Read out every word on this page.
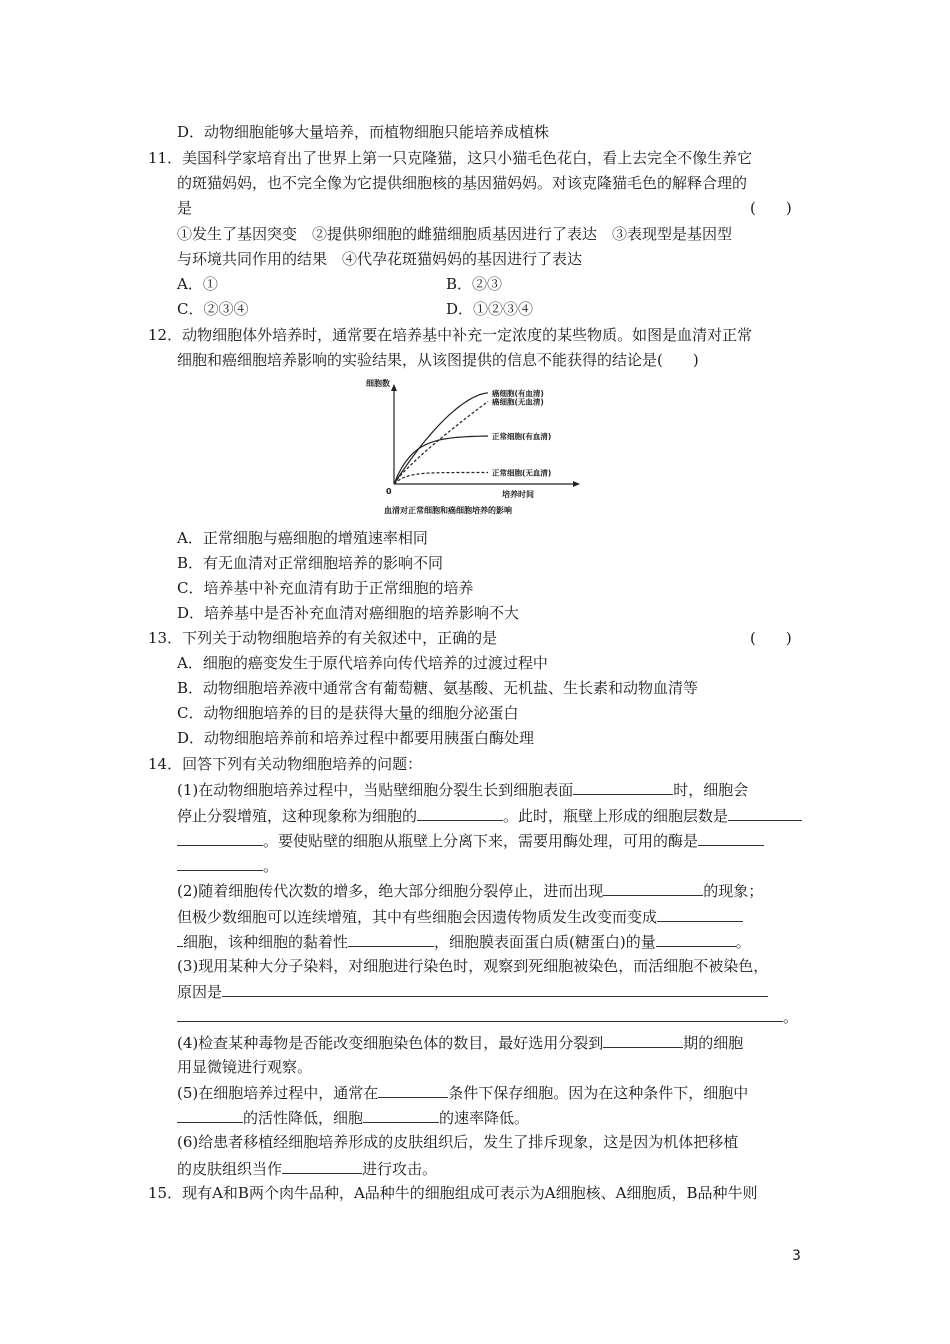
D．动物细胞能够大量培养，而植物细胞只能培养成植株
11．美国科学家培育出了世界上第一只克隆猫，这只小猫毛色花白，看上去完全不像生养它
的斑猫妈妈，也不完全像为它提供细胞核的基因猫妈妈。对该克隆猫毛色的解释合理的
是	(　　)
①发生了基因突变　②提供卵细胞的雌猫细胞质基因进行了表达　③表现型是基因型
与环境共同作用的结果　④代孕花斑猫妈妈的基因进行了表达
A．①	B．②③
C．②③④	D．①②③④
12．动物细胞体外培养时，通常要在培养基中补充一定浓度的某些物质。如图是血清对正常
细胞和癌细胞培养影响的实验结果，从该图提供的信息不能获得的结论是(　　)
细胞数
0	培养时间
血清对正常细胞和癌细胞培养的影响
癌细胞(有血清)
癌细胞(无血清)
正常细胞(有血清)
正常细胞(无血清)
A．正常细胞与癌细胞的增殖速率相同
B．有无血清对正常细胞培养的影响不同
C．培养基中补充血清有助于正常细胞的培养
D．培养基中是否补充血清对癌细胞的培养影响不大
13．下列关于动物细胞培养的有关叙述中，正确的是	(　　)
A．细胞的癌变发生于原代培养向传代培养的过渡过程中
B．动物细胞培养液中通常含有葡萄糖、氨基酸、无机盐、生长素和动物血清等
C．动物细胞培养的目的是获得大量的细胞分泌蛋白
D．动物细胞培养前和培养过程中都要用胰蛋白酶处理
14．回答下列有关动物细胞培养的问题：
(1)在动物细胞培养过程中，当贴壁细胞分裂生长到细胞表面	时，细胞会
停止分裂增殖，这种现象称为细胞的	。此时，瓶壁上形成的细胞层数是
。要使贴壁的细胞从瓶壁上分离下来，需要用酶处理，可用的酶是
。
(2)随着细胞传代次数的增多，绝大部分细胞分裂停止，进而出现	的现象；
但极少数细胞可以连续增殖，其中有些细胞会因遗传物质发生改变而变成
细胞，该种细胞的黏着性	，细胞膜表面蛋白质(糖蛋白)的量	。
(3)现用某种大分子染料，对细胞进行染色时，观察到死细胞被染色，而活细胞不被染色，
原因是
。
(4)检查某种毒物是否能改变细胞染色体的数目，最好选用分裂到	期的细胞
用显微镜进行观察。
(5)在细胞培养过程中，通常在	条件下保存细胞。因为在这种条件下，细胞中
的活性降低，细胞	的速率降低。
(6)给患者移植经细胞培养形成的皮肤组织后，发生了排斥现象，这是因为机体把移植
的皮肤组织当作	进行攻击。
15．现有A和B两个肉牛品种，A品种牛的细胞组成可表示为A细胞核、A细胞质，B品种牛则
3
